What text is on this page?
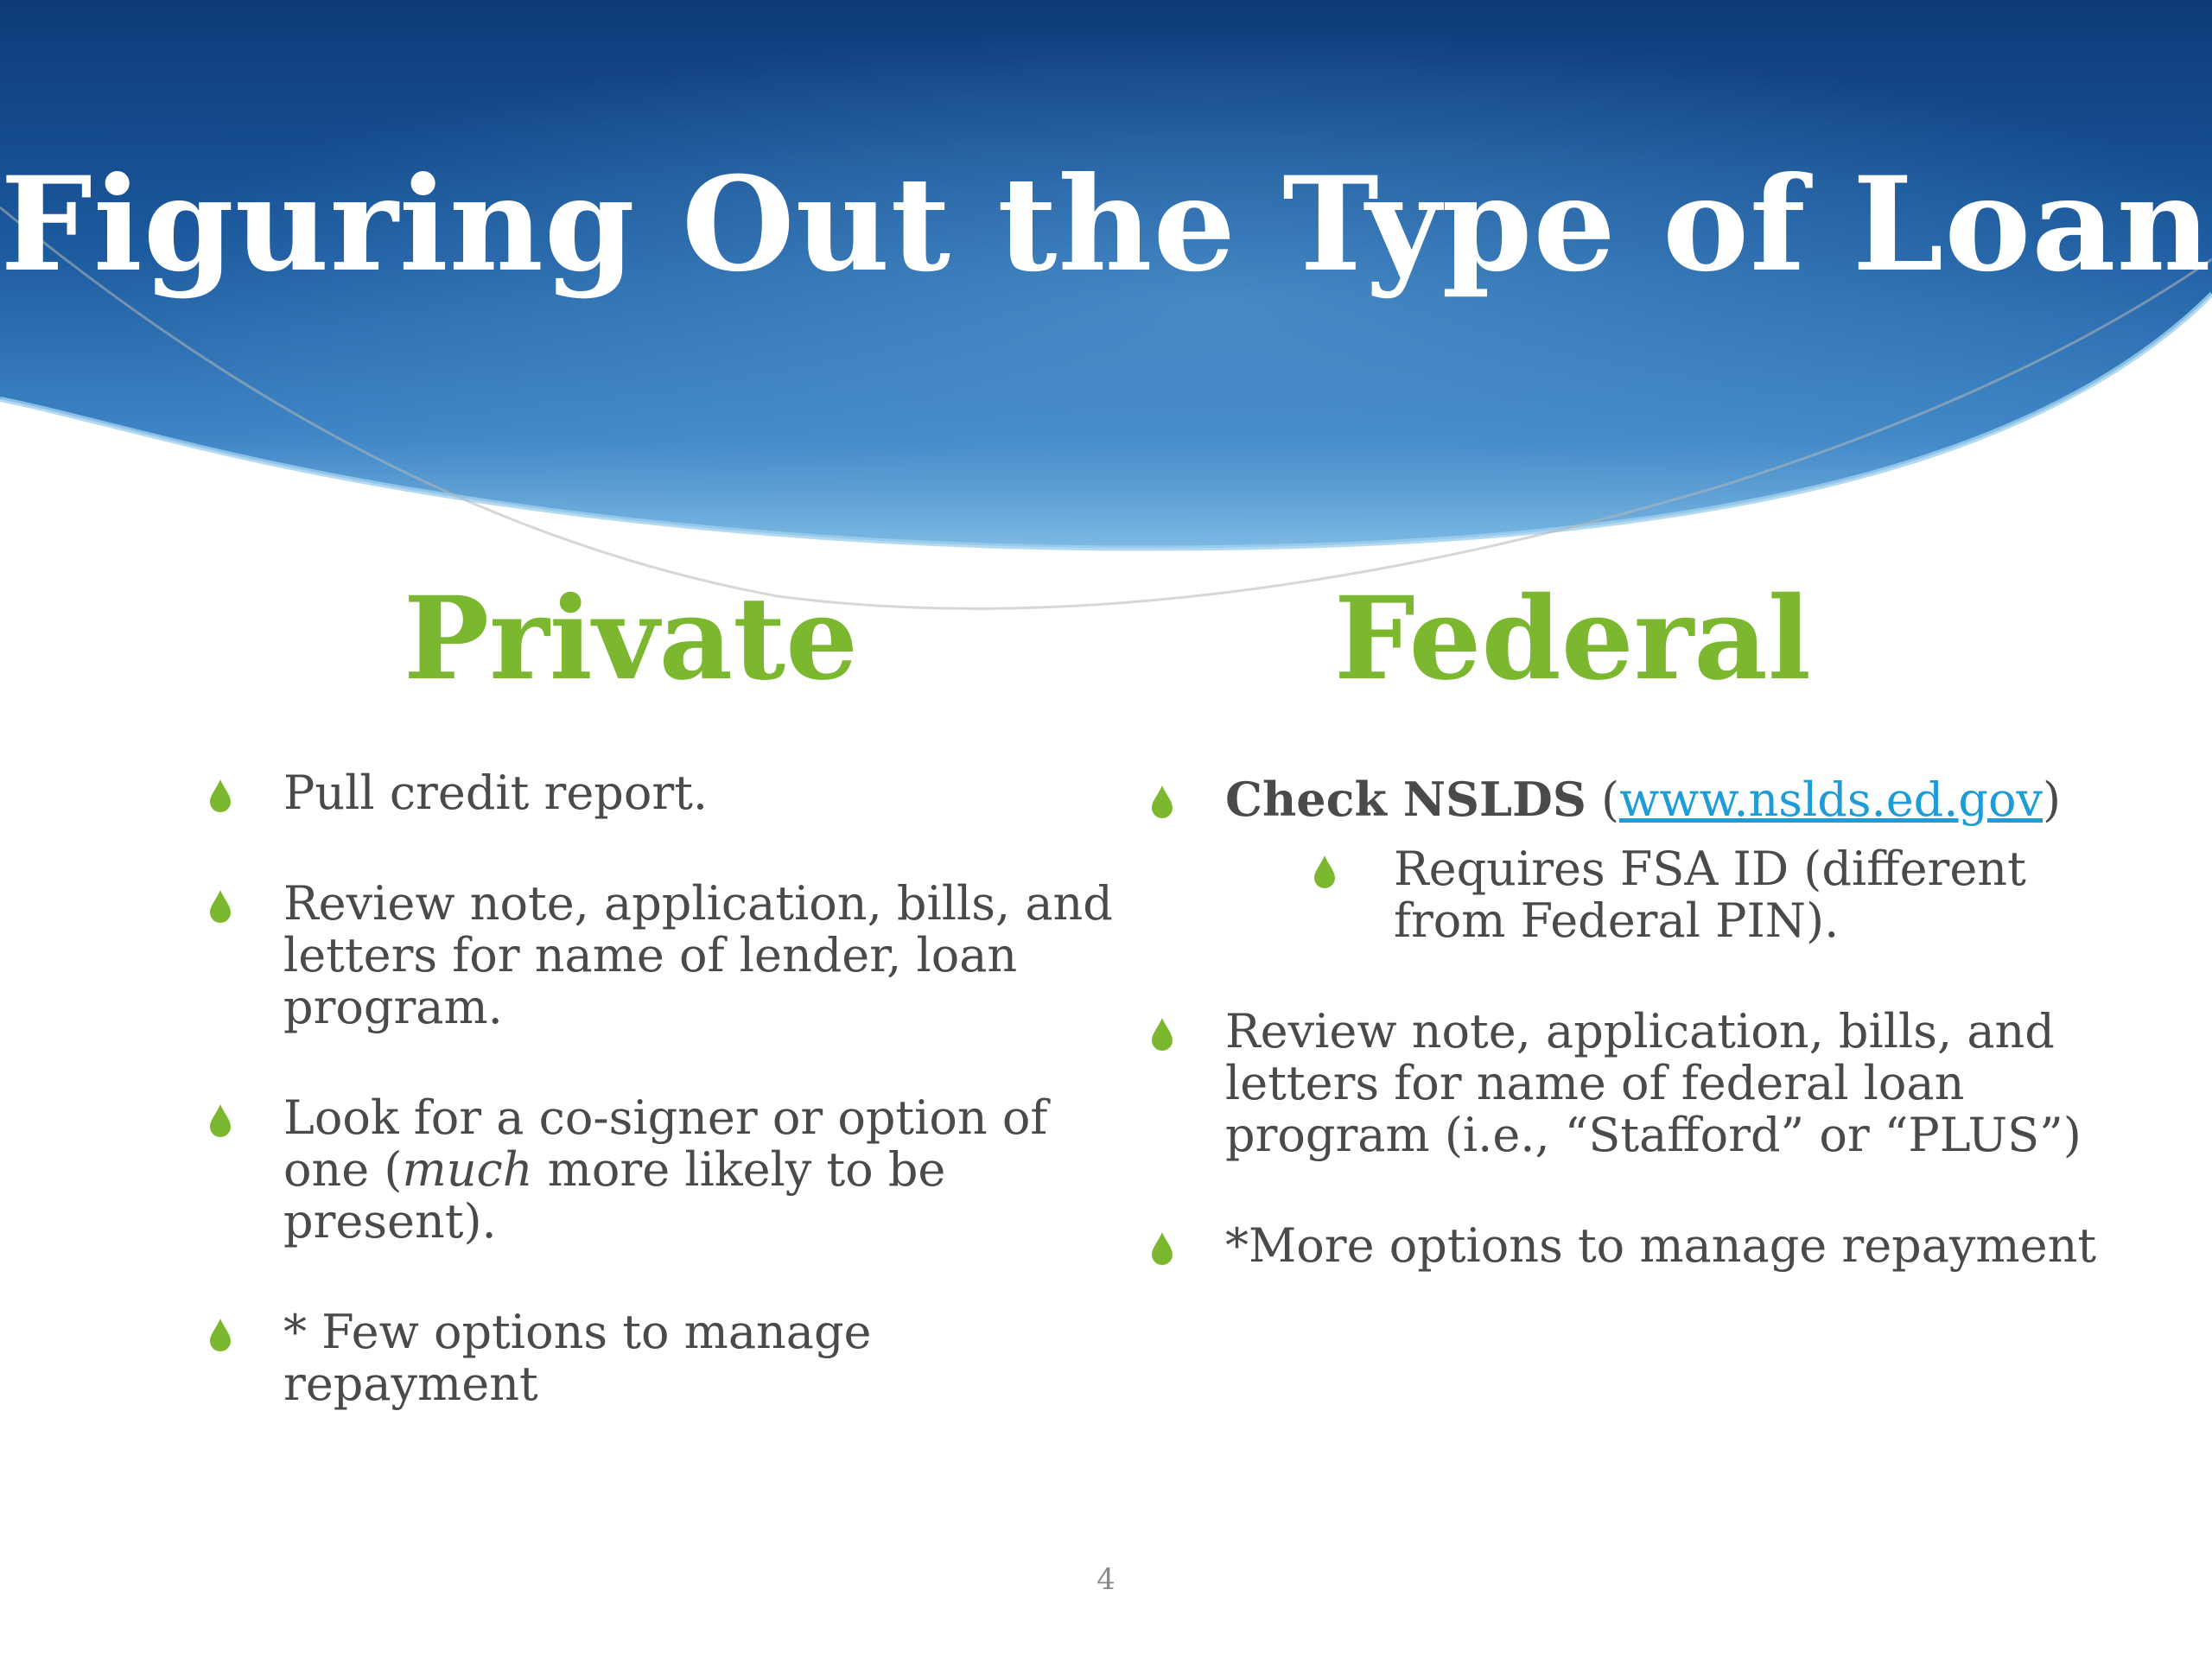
Figuring Out the Type of Loan
Private	Federal
Pull credit report.
Review note, application, bills, and letters for name of lender, loan program.
Look for a co-signer or option of one (much more likely to be present).
* Few options to manage repayment
Check NSLDS (www.nslds.ed.gov)
Requires FSA ID (different from Federal PIN).
Review note, application, bills, and letters for name of federal loan program (i.e., “Stafford” or “PLUS”)
*More options to manage repayment
4
